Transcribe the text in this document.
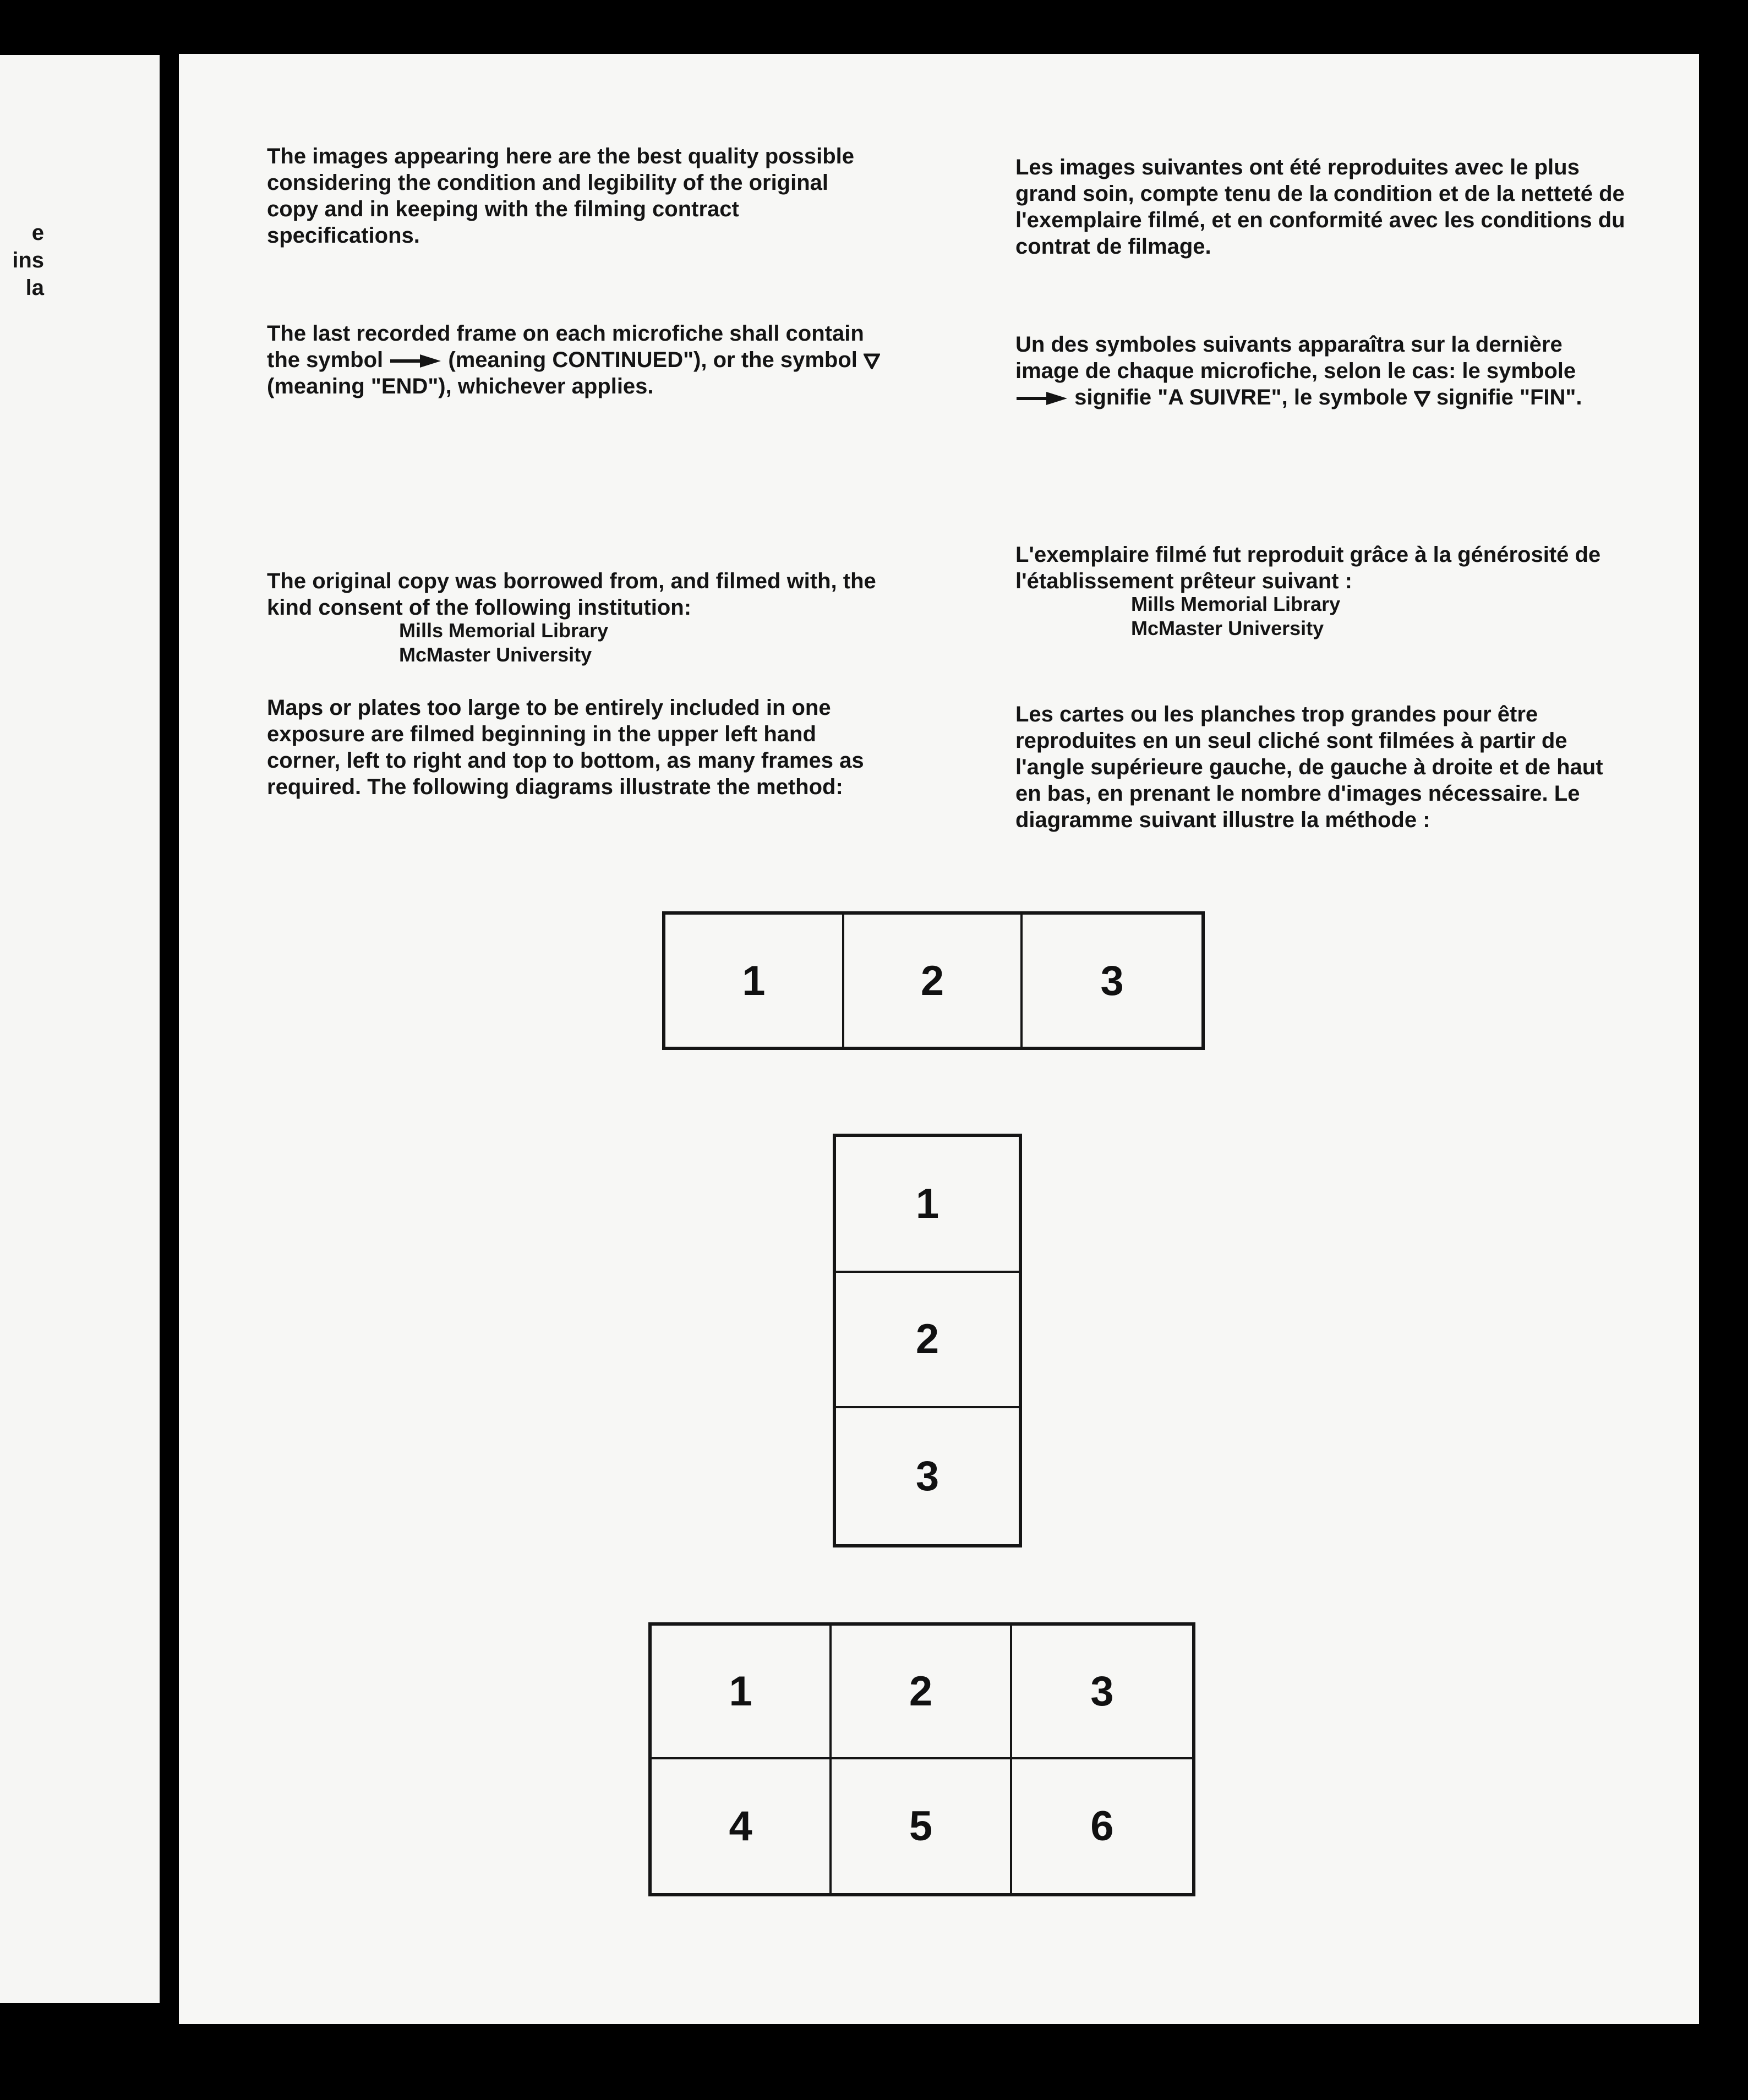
e
ins
la

The images appearing here are the best quality possible considering the condition and legibility of the original copy and in keeping with the filming contract specifications.

The last recorded frame on each microfiche shall contain the symbol	(meaning CONTINUED"), or the symbol
(meaning "END"), whichever applies.

The original copy was borrowed from, and filmed with, the kind consent of the following institution:
Mills Memorial Library
McMaster University

Maps or plates too large to be entirely included in one exposure are filmed beginning in the upper left hand corner, left to right and top to bottom, as many frames as required. The following diagrams illustrate the method:

Les images suivantes ont été reproduites avec le plus grand soin, compte tenu de la condition et de la netteté de l'exemplaire filmé, et en conformité avec les conditions du contrat de filmage.

Un des symboles suivants apparaîtra sur la dernière image de chaque microfiche, selon le cas: le symbole
signifie "A SUIVRE", le symbole signifie "FIN".

L'exemplaire filmé fut reproduit grâce à la générosité de l'établissement prêteur suivant :
Mills Memorial Library
McMaster University

Les cartes ou les planches trop grandes pour être reproduites en un seul cliché sont filmées à partir de l'angle supérieure gauche, de gauche à droite et de haut en bas, en prenant le nombre d'images nécessaire. Le diagramme suivant illustre la méthode :

1	2	3
1
2
3
1	2	3
4	5	6
